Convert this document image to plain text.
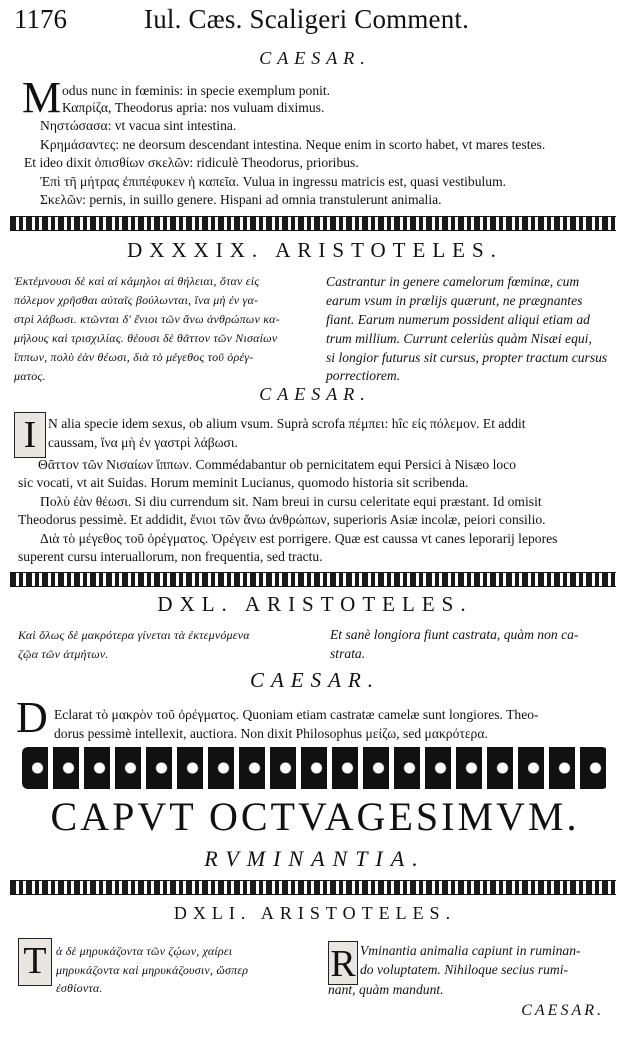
1176	Iul. Cæs. Scaligeri Comment.
CAESAR.
M odus nunc in fœminis: in specie exemplum ponit.
Καπρίζα, Theodorus apria: nos vuluam diximus.
Νηστώσασα: vt vacua sint intestina.
Κρημάσαντες: ne deorsum descendant intestina. Neque enim in scorto habet, vt mares testes.
Et ideo dixit ὀπισθίων σκελῶν: ridiculè Theodorus, prioribus.
Ἐπὶ τῆ μήτρας ἐπιπέφυκεν ἡ καπεῖα. Vulua in ingressu matricis est, quasi vestibulum.
Σκελῶν: pernis, in suillo genere. Hispani ad omnia transtulerunt animalia.
DXXXIX. ARISTOTELES.
Ἐκτέμνουσι δὲ καὶ αἱ κάμηλοι αἱ θήλειαι, ὅταν εἰς
πόλεμον χρῆσθαι αὐταῖς βούλωνται, ἵνα μὴ ἐν γα-
στρὶ λάβωσι. κτῶνται δ' ἔνιοι τῶν ἄνω ἀνθρώπων κα-
μήλους καὶ τρισχιλίας. θέουσι δὲ θᾶττον τῶν Νισαίων
ἵππων, πολὺ ἐὰν θέωσι, διὰ τὸ μέγεθος τοῦ ὀρέγ-
ματος.
Castrantur in genere camelorum fœminæ, cum
earum vsum in prælijs quærunt, ne prægnantes
fiant. Earum numerum possident aliqui etiam ad
trum millium. Currunt celeriùs quàm Nisæi equi,
si longior futurus sit cursus, propter tractum cursus
porrectiorem.
CAESAR.
I N alia specie idem sexus, ob alium vsum. Suprà scrofa πέμπει: hîc εἰς πόλεμον. Et addit
caussam, ἵνα μὴ ἐν γαστρὶ λάβωσι.
Θᾶττον τῶν Νισαίων ἵππων. Commédabantur ob pernicitatem equi Persici à Nisæo loco
sic vocati, vt ait Suidas. Horum meminit Lucianus, quomodo historia sit scribenda.
Πολὺ ἐὰν θέωσι. Si diu currendum sit. Nam breui in cursu celeritate equi præstant. Id omisit
Theodorus pessimè. Et addidit, ἔνιοι τῶν ἄνω ἀνθρώπων, superioris Asiæ incolæ, peiori consilio.
Διὰ τὸ μέγεθος τοῦ ὀρέγματος. Ὀρέγειν est porrigere. Quæ est caussa vt canes leporarij lepores
superent cursu interuallorum, non frequentia, sed tractu.
DXL. ARISTOTELES.
Καὶ ὅλως δὲ μακρότερα γίνεται τὰ ἐκτεμνόμενα
ζῷα τῶν ἀτμήτων.
Et sanè longiora fiunt castrata, quàm non ca-
strata.
CAESAR.
D Eclarat τὸ μακρὸν τοῦ ὀρέγματος. Quoniam etiam castratæ camelæ sunt longiores. Theo-
dorus pessimè intellexit, auctiora. Non dixit Philosophus μείζω, sed μακρότερα.
CAPVT OCTVAGESIMVM.
RVMINANTIA.
DXLI. ARISTOTELES.
T ὰ δὲ μηρυκάζοντα τῶν ζῴων, χαίρει
μηρυκάζοντα καὶ μηρυκάζουσιν, ὥσπερ
ἐσθίοντα.
R Vminantia animalia capiunt in ruminan-
do voluptatem. Nihiloque secius rumi-
nant, quàm mandunt.
CAESAR.
